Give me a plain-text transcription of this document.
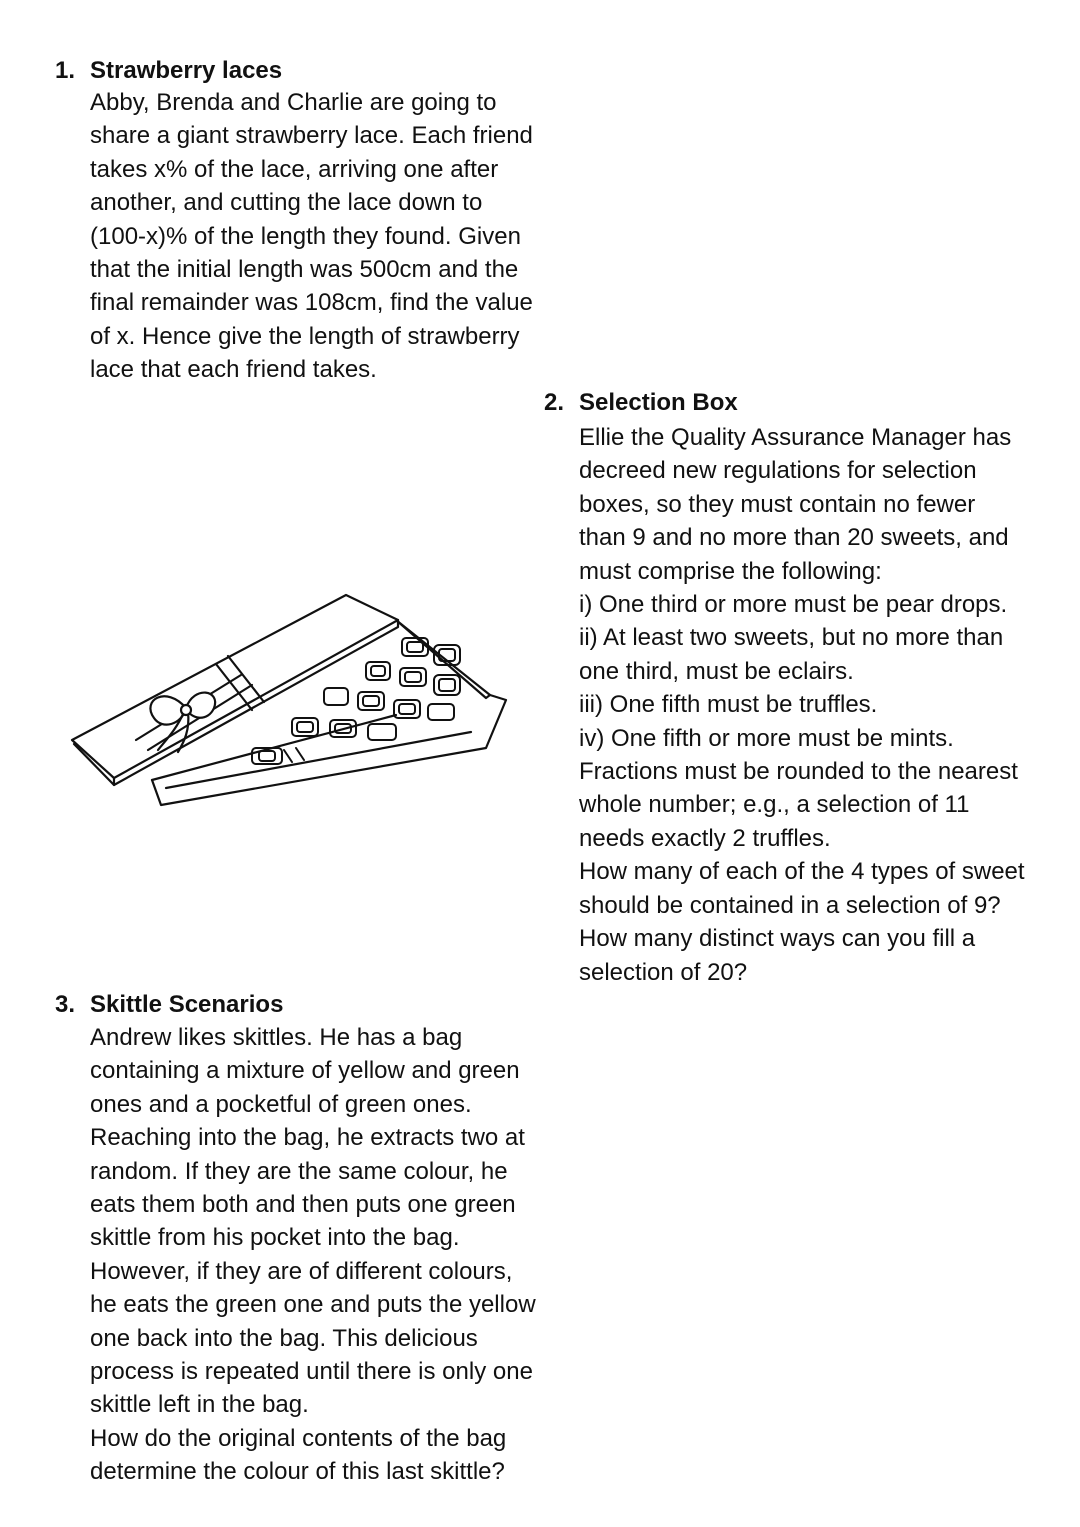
1. Strawberry laces
Abby, Brenda and Charlie are going to
share a giant strawberry lace. Each friend
takes x% of the lace, arriving one after
another, and cutting the lace down to
(100-x)% of the length they found. Given
that the initial length was 500cm and the
final remainder was 108cm, find the value
of x. Hence give the length of strawberry
lace that each friend takes.
2. Selection Box
Ellie the Quality Assurance Manager has
decreed new regulations for selection
boxes, so they must contain no fewer
than 9 and no more than 20 sweets, and
must comprise the following:
i) One third or more must be pear drops.
ii) At least two sweets, but no more than
one third, must be eclairs.
iii) One fifth must be truffles.
iv) One fifth or more must be mints.
Fractions must be rounded to the nearest
whole number; e.g., a selection of 11
needs exactly 2 truffles.
How many of each of the 4 types of sweet
should be contained in a selection of 9?
How many distinct ways can you fill a
selection of 20?
3. Skittle Scenarios
Andrew likes skittles. He has a bag
containing a mixture of yellow and green
ones and a pocketful of green ones.
Reaching into the bag, he extracts two at
random. If they are the same colour, he
eats them both and then puts one green
skittle from his pocket into the bag.
However, if they are of different colours,
he eats the green one and puts the yellow
one back into the bag. This delicious
process is repeated until there is only one
skittle left in the bag.
How do the original contents of the bag
determine the colour of this last skittle?
